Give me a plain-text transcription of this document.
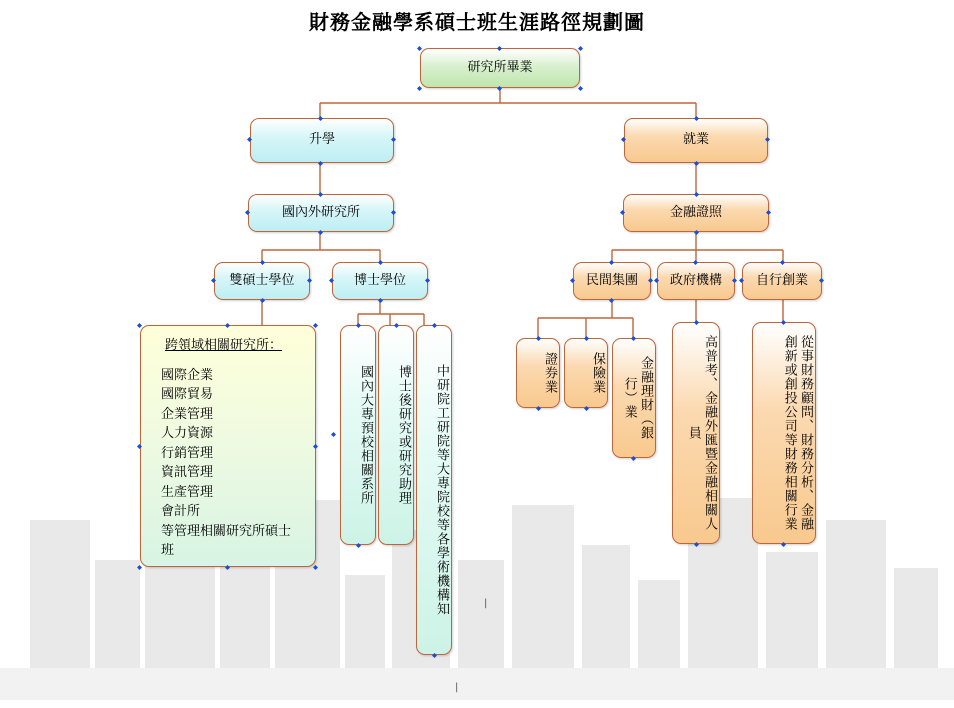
財務金融學系碩士班生涯路徑規劃圖
研究所畢業
升學	就業
國內外研究所	金融證照
雙碩士學位	博士學位	民間集團 政府機構	自行創業
證券業	保險業	金融理財（銀行）業	高普考、金融外匯暨金融相關人員	從事財務顧問、財務分析、金融創新或創投公司等財務相關行業
跨領域相關研究所：
國際企業
國際貿易
企業管理
人力資源
行銷管理
資訊管理
生產管理
會計所
等管理相關研究所碩士班
國內大專預校相關系所 博士後研究或研究助理 中研院工研院等大專院校等各學術機構知	|
|
